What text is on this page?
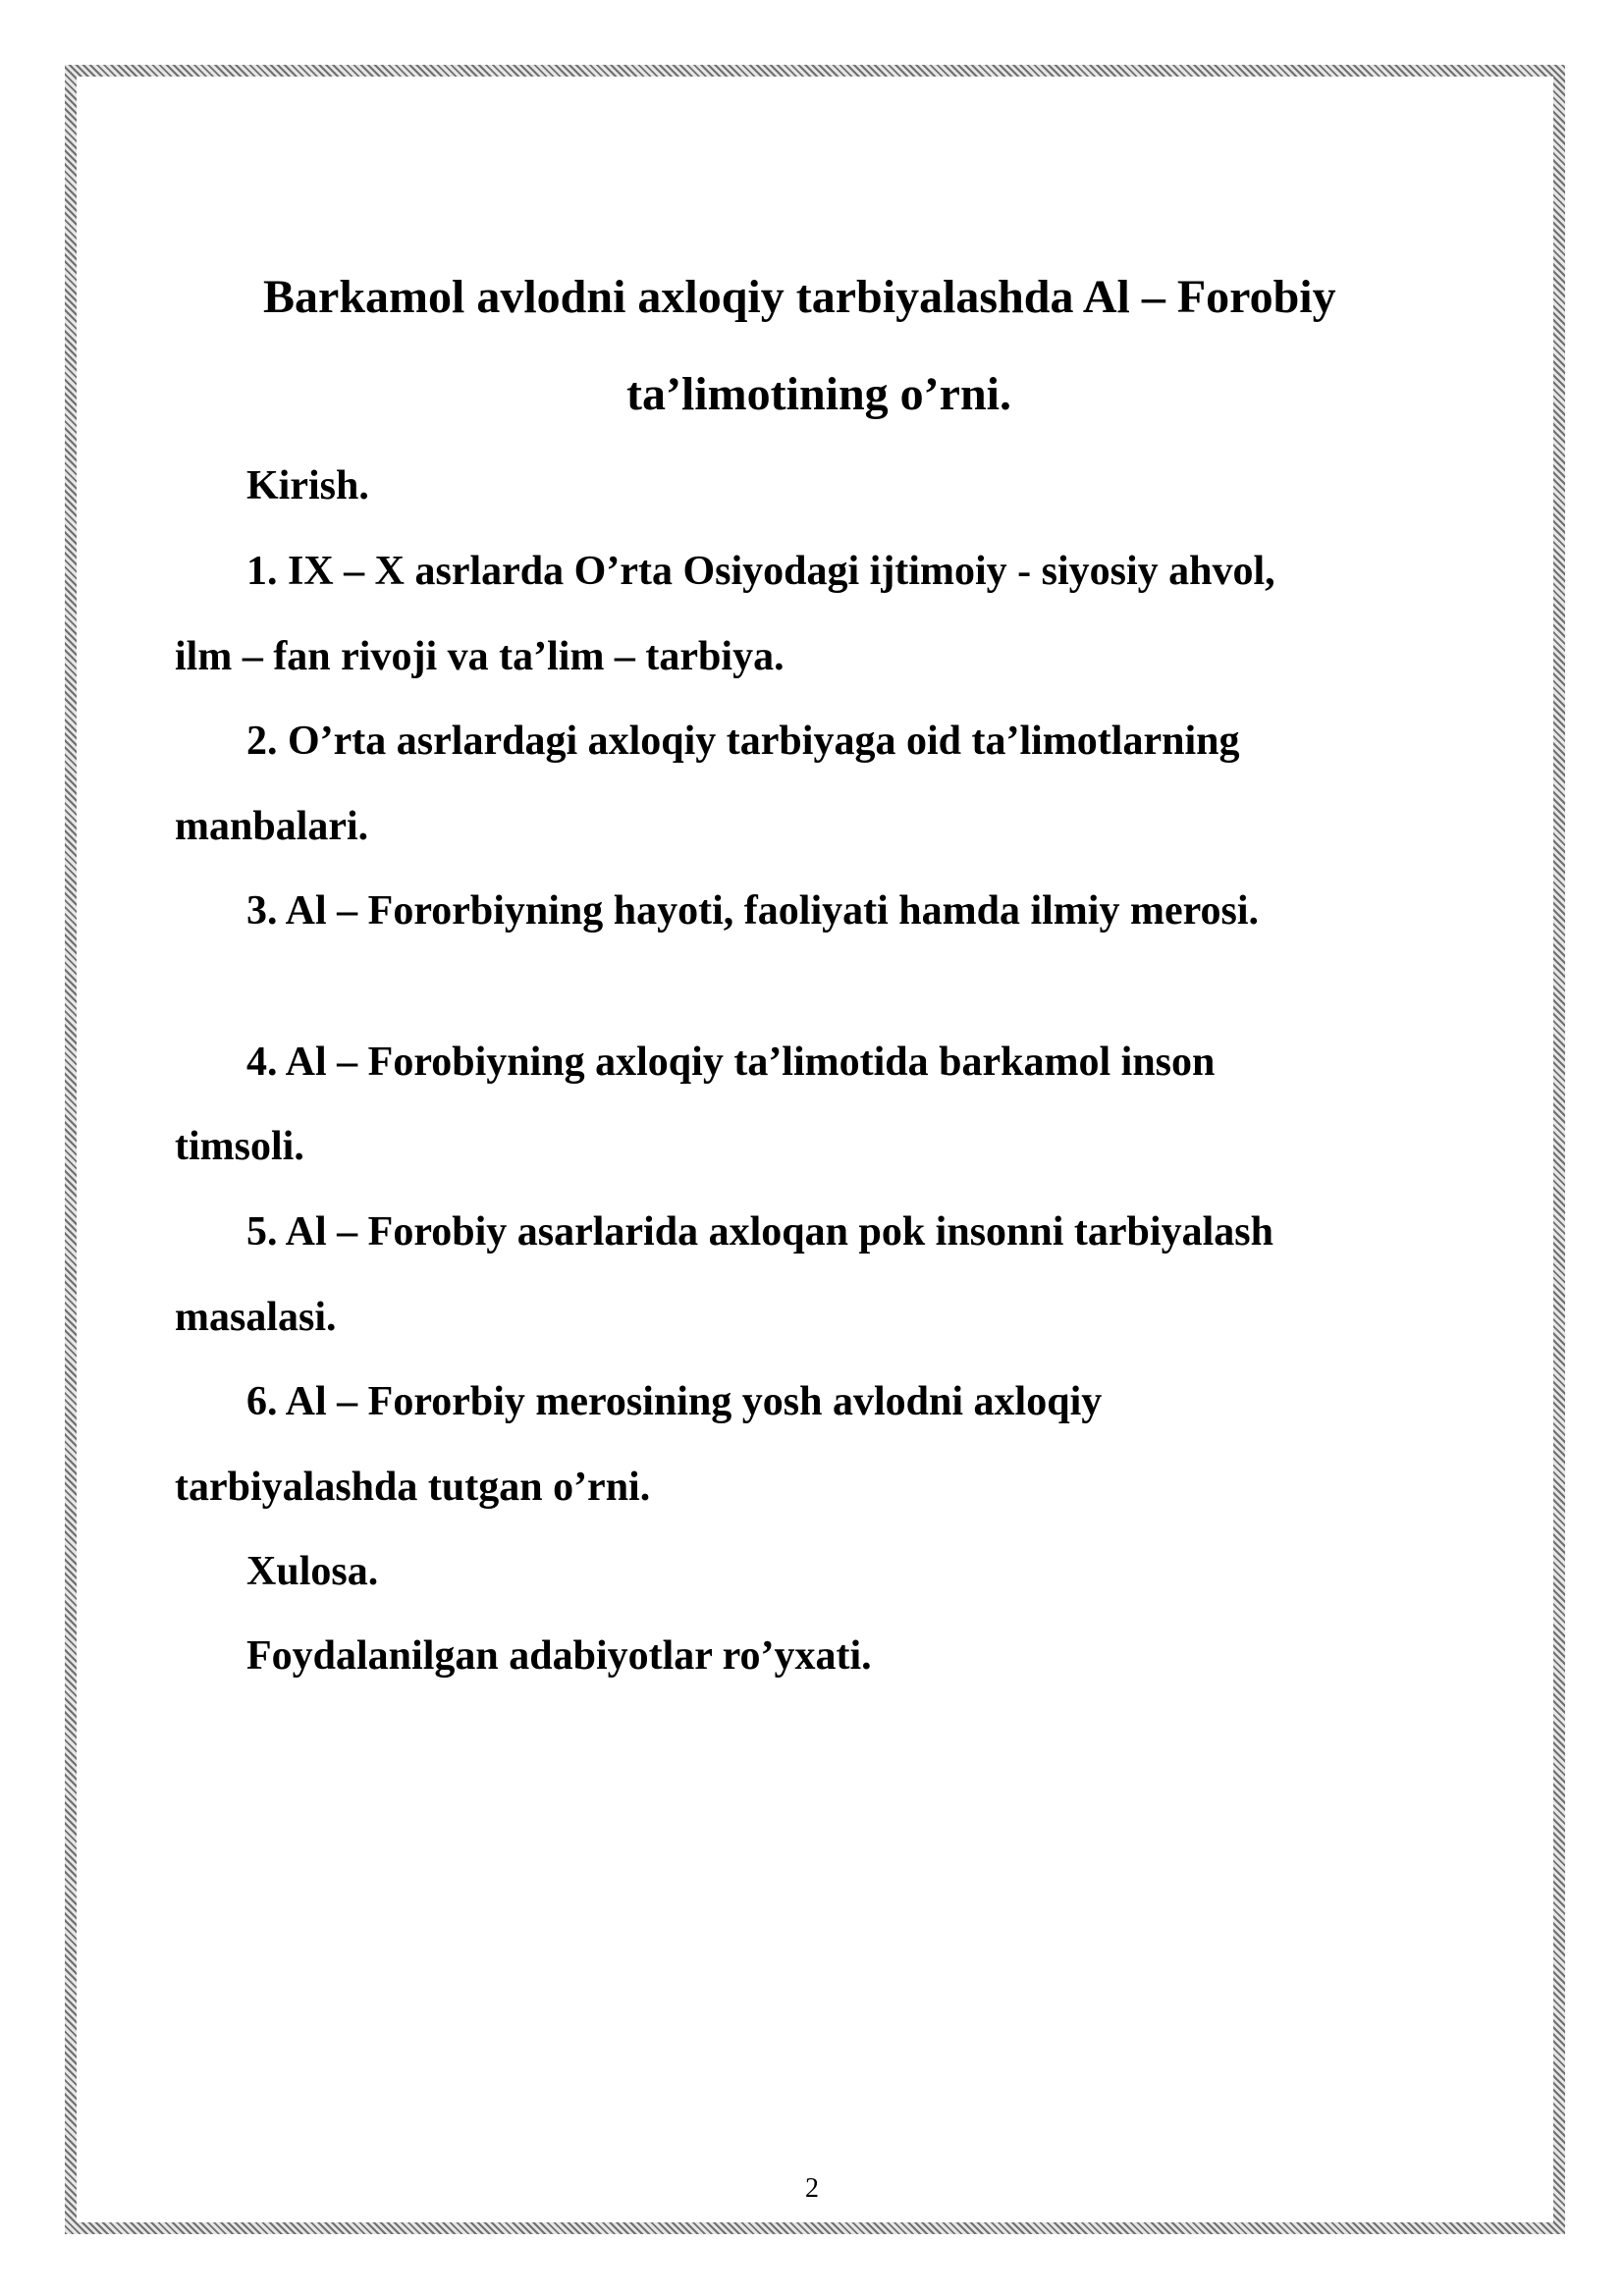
Barkamol avlodni axloqiy tarbiyalashda Al – Forobiy
ta’limotining o’rni.
Kirish.
1. IX – X asrlarda O’rta Osiyodagi ijtimoiy - siyosiy ahvol,
ilm – fan rivoji va ta’lim – tarbiya.
2. O’rta asrlardagi axloqiy tarbiyaga oid ta’limotlarning
manbalari.
3. Al – Fororbiyning hayoti, faoliyati hamda ilmiy merosi.
4. Al – Forobiyning axloqiy ta’limotida barkamol inson
timsoli.
5. Al – Forobiy asarlarida axloqan pok insonni tarbiyalash
masalasi.
6. Al – Fororbiy merosining yosh avlodni axloqiy
tarbiyalashda tutgan o’rni.
Xulosa.
Foydalanilgan adabiyotlar ro’yxati.
2
